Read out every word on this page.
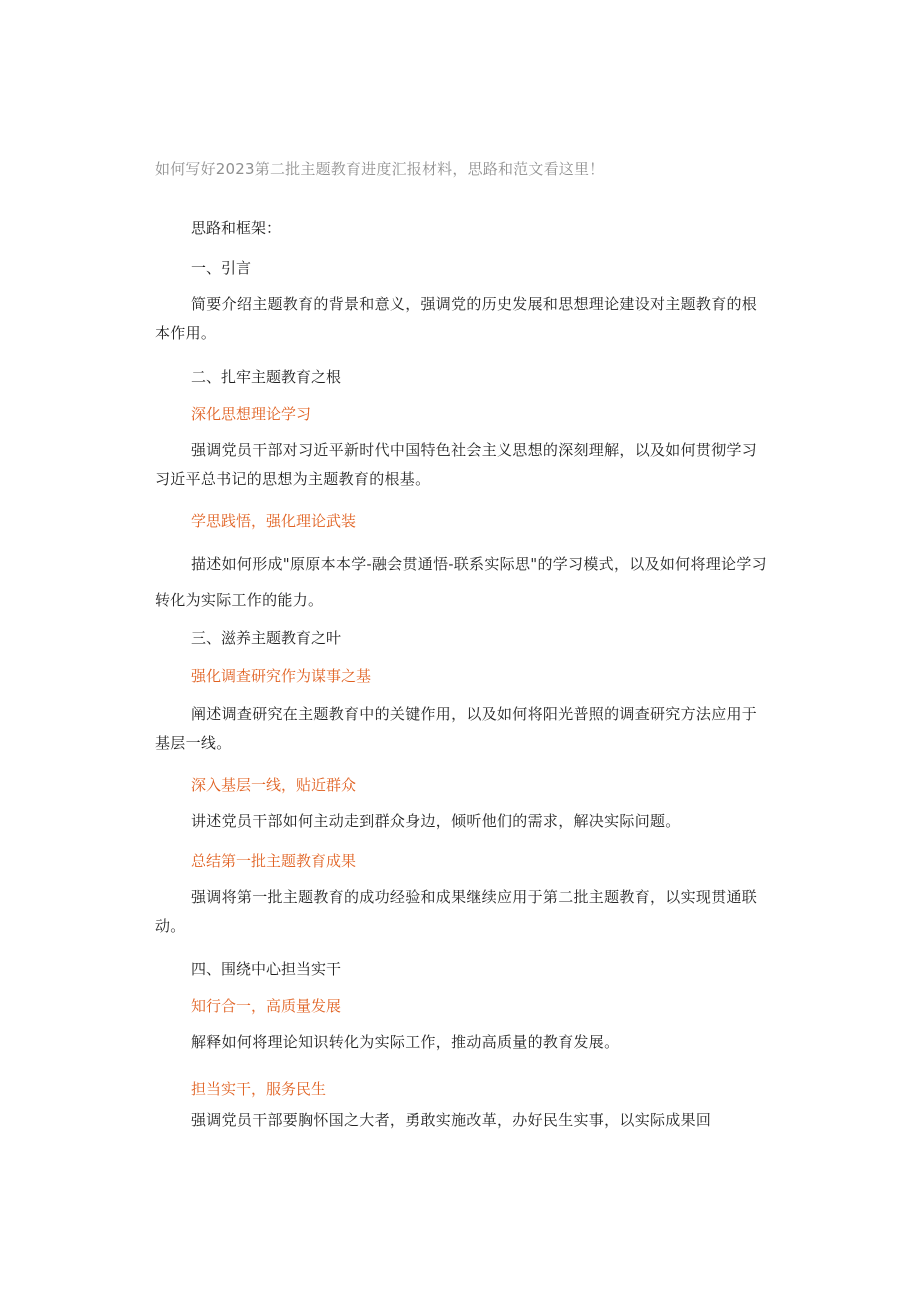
如何写好2023第二批主题教育进度汇报材料，思路和范文看这里！
思路和框架：
一、引言
简要介绍主题教育的背景和意义，强调党的历史发展和思想理论建设对主题教育的根本作用。
二、扎牢主题教育之根
深化思想理论学习
强调党员干部对习近平新时代中国特色社会主义思想的深刻理解，以及如何贯彻学习习近平总书记的思想为主题教育的根基。
学思践悟，强化理论武装
描述如何形成"原原本本学-融会贯通悟-联系实际思"的学习模式，以及如何将理论学习转化为实际工作的能力。
三、滋养主题教育之叶
强化调查研究作为谋事之基
阐述调查研究在主题教育中的关键作用，以及如何将阳光普照的调查研究方法应用于基层一线。
深入基层一线，贴近群众
讲述党员干部如何主动走到群众身边，倾听他们的需求，解决实际问题。
总结第一批主题教育成果
强调将第一批主题教育的成功经验和成果继续应用于第二批主题教育，以实现贯通联动。
四、围绕中心担当实干
知行合一，高质量发展
解释如何将理论知识转化为实际工作，推动高质量的教育发展。
担当实干，服务民生
强调党员干部要胸怀国之大者，勇敢实施改革，办好民生实事，以实际成果回
